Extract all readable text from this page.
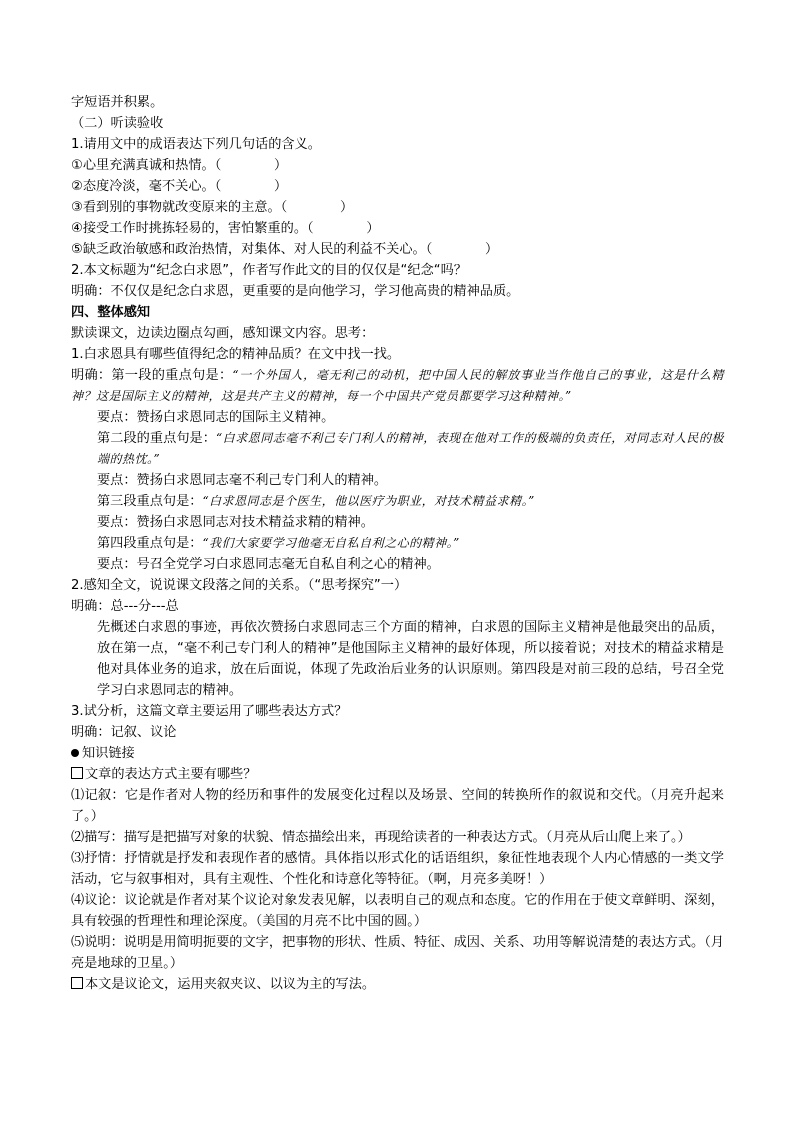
字短语并积累。

（二）听读验收

1.请用文中的成语表达下列几句话的含义。

①心里充满真诚和热情。（　　　　）

②态度冷淡，毫不关心。（　　　　）

③看到别的事物就改变原来的主意。（　　　　）

④接受工作时挑拣轻易的，害怕繁重的。（　　　　）

⑤缺乏政治敏感和政治热情，对集体、对人民的利益不关心。（　　　　）

2.本文标题为“纪念白求恩”，作者写作此文的目的仅仅是“纪念“吗？

明确：不仅仅是纪念白求恩，更重要的是向他学习，学习他高贵的精神品质。

四、整体感知

默读课文，边读边圈点勾画，感知课文内容。思考：

1.白求恩具有哪些值得纪念的精神品质？在文中找一找。

明确：第一段的重点句是：“一个外国人，毫无利己的动机，把中国人民的解放事业当作他自己的事业，这是什么精神？这是国际主义的精神，这是共产主义的精神，每一个中国共产党员都要学习这种精神。”

要点：赞扬白求恩同志的国际主义精神。

第二段的重点句是：“白求恩同志毫不利己专门利人的精神，表现在他对工作的极端的负责任，对同志对人民的极端的热忱。”

要点：赞扬白求恩同志毫不利己专门利人的精神。

第三段重点句是：“白求恩同志是个医生，他以医疗为职业，对技术精益求精。”

要点：赞扬白求恩同志对技术精益求精的精神。

第四段重点句是：“我们大家要学习他毫无自私自利之心的精神。”

要点：号召全党学习白求恩同志毫无自私自利之心的精神。

2.感知全文，说说课文段落之间的关系。（“思考探究”一）

明确：总---分---总

先概述白求恩的事迹，再依次赞扬白求恩同志三个方面的精神，白求恩的国际主义精神是他最突出的品质，放在第一点，“毫不利己专门利人的精神”是他国际主义精神的最好体现，所以接着说；对技术的精益求精是他对具体业务的追求，放在后面说，体现了先政治后业务的认识原则。第四段是对前三段的总结，号召全党学习白求恩同志的精神。

3.试分析，这篇文章主要运用了哪些表达方式？

明确：记叙、议论

知识链接

文章的表达方式主要有哪些？

⑴记叙：它是作者对人物的经历和事件的发展变化过程以及场景、空间的转换所作的叙说和交代。（月亮升起来了。）

⑵描写：描写是把描写对象的状貌、情态描绘出来，再现给读者的一种表达方式。（月亮从后山爬上来了。）

⑶抒情：抒情就是抒发和表现作者的感情。具体指以形式化的话语组织，象征性地表现个人内心情感的一类文学活动，它与叙事相对，具有主观性、个性化和诗意化等特征。（啊，月亮多美呀！）

⑷议论：议论就是作者对某个议论对象发表见解，以表明自己的观点和态度。它的作用在于使文章鲜明、深刻，具有较强的哲理性和理论深度。（美国的月亮不比中国的圆。）

⑸说明：说明是用简明扼要的文字，把事物的形状、性质、特征、成因、关系、功用等解说清楚的表达方式。（月亮是地球的卫星。）

本文是议论文，运用夹叙夹议、以议为主的写法。
